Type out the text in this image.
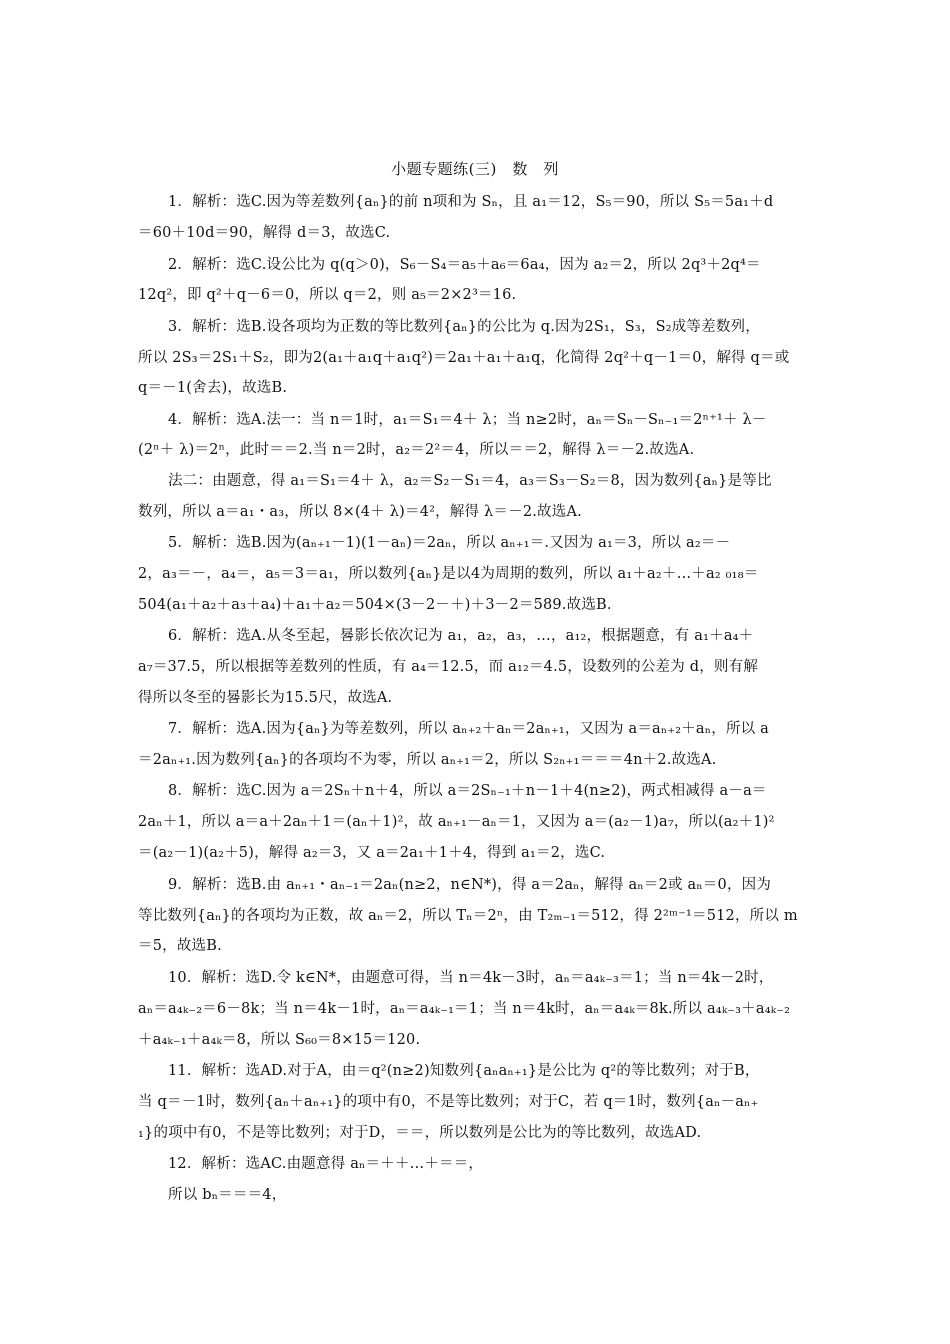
小题专题练(三)　数　列
1．解析：选C.因为等差数列{aₙ}的前 n项和为 Sₙ，且 a₁＝12，S₅＝90，所以 S₅＝5a₁＋d
＝60＋10d＝90，解得 d＝3，故选C.
2．解析：选C.设公比为 q(q＞0)，S₆－S₄＝a₅＋a₆＝6a₄，因为 a₂＝2，所以 2q³＋2q⁴＝
12q²，即 q²＋q－6＝0，所以 q＝2，则 a₅＝2×2³＝16.
3．解析：选B.设各项均为正数的等比数列{aₙ}的公比为 q.因为2S₁，S₃，S₂成等差数列，
所以 2S₃＝2S₁＋S₂，即为2(a₁＋a₁q＋a₁q²)＝2a₁＋a₁＋a₁q，化简得 2q²＋q－1＝0，解得 q＝或
q＝－1(舍去)，故选B.
4．解析：选A.法一：当 n＝1时，a₁＝S₁＝4＋ λ；当 n≥2时，aₙ＝Sₙ－Sₙ₋₁＝2ⁿ⁺¹＋ λ－
(2ⁿ＋ λ)＝2ⁿ，此时＝＝2.当 n＝2时，a₂＝2²＝4，所以＝＝2，解得 λ＝－2.故选A.
法二：由题意，得 a₁＝S₁＝4＋ λ，a₂＝S₂－S₁＝4，a₃＝S₃－S₂＝8，因为数列{aₙ}是等比
数列，所以 a＝a₁・a₃，所以 8×(4＋ λ)＝4²，解得 λ＝－2.故选A.
5．解析：选B.因为(aₙ₊₁－1)(1－aₙ)＝2aₙ，所以 aₙ₊₁＝.又因为 a₁＝3，所以 a₂＝－
2，a₃＝－，a₄＝，a₅＝3＝a₁，所以数列{aₙ}是以4为周期的数列，所以 a₁＋a₂＋…＋a₂ ₀₁₈＝
504(a₁＋a₂＋a₃＋a₄)＋a₁＋a₂＝504×(3－2－＋)＋3－2＝589.故选B.
6．解析：选A.从冬至起，晷影长依次记为 a₁，a₂，a₃，…，a₁₂，根据题意，有 a₁＋a₄＋
a₇＝37.5，所以根据等差数列的性质，有 a₄＝12.5，而 a₁₂＝4.5，设数列的公差为 d，则有解
得所以冬至的晷影长为15.5尺，故选A.
7．解析：选A.因为{aₙ}为等差数列，所以 aₙ₊₂＋aₙ＝2aₙ₊₁，又因为 a＝aₙ₊₂＋aₙ，所以 a
＝2aₙ₊₁.因为数列{aₙ}的各项均不为零，所以 aₙ₊₁＝2，所以 S₂ₙ₊₁＝＝＝4n＋2.故选A.
8．解析：选C.因为 a＝2Sₙ＋n＋4，所以 a＝2Sₙ₋₁＋n－1＋4(n≥2)，两式相减得 a－a＝
2aₙ＋1，所以 a＝a＋2aₙ＋1＝(aₙ＋1)²，故 aₙ₊₁－aₙ＝1，又因为 a＝(a₂－1)a₇，所以(a₂＋1)²
＝(a₂－1)(a₂＋5)，解得 a₂＝3，又 a＝2a₁＋1＋4，得到 a₁＝2，选C.
9．解析：选B.由 aₙ₊₁・aₙ₋₁＝2aₙ(n≥2，n∈N*)，得 a＝2aₙ，解得 aₙ＝2或 aₙ＝0，因为
等比数列{aₙ}的各项均为正数，故 aₙ＝2，所以 Tₙ＝2ⁿ，由 T₂ₘ₋₁＝512，得 2²ᵐ⁻¹＝512，所以 m
＝5，故选B.
10．解析：选D.令 k∈N*，由题意可得，当 n＝4k－3时，aₙ＝a₄ₖ₋₃＝1；当 n＝4k－2时，
aₙ＝a₄ₖ₋₂＝6－8k；当 n＝4k－1时，aₙ＝a₄ₖ₋₁＝1；当 n＝4k时，aₙ＝a₄ₖ＝8k.所以 a₄ₖ₋₃＋a₄ₖ₋₂
＋a₄ₖ₋₁＋a₄ₖ＝8，所以 S₆₀＝8×15＝120.
11．解析：选AD.对于A，由＝q²(n≥2)知数列{aₙaₙ₊₁}是公比为 q²的等比数列；对于B，
当 q＝－1时，数列{aₙ＋aₙ₊₁}的项中有0，不是等比数列；对于C，若 q＝1时，数列{aₙ－aₙ₊
₁}的项中有0，不是等比数列；对于D，＝＝，所以数列是公比为的等比数列，故选AD.
12．解析：选AC.由题意得 aₙ＝＋＋…＋＝＝，
所以 bₙ＝＝＝4，
